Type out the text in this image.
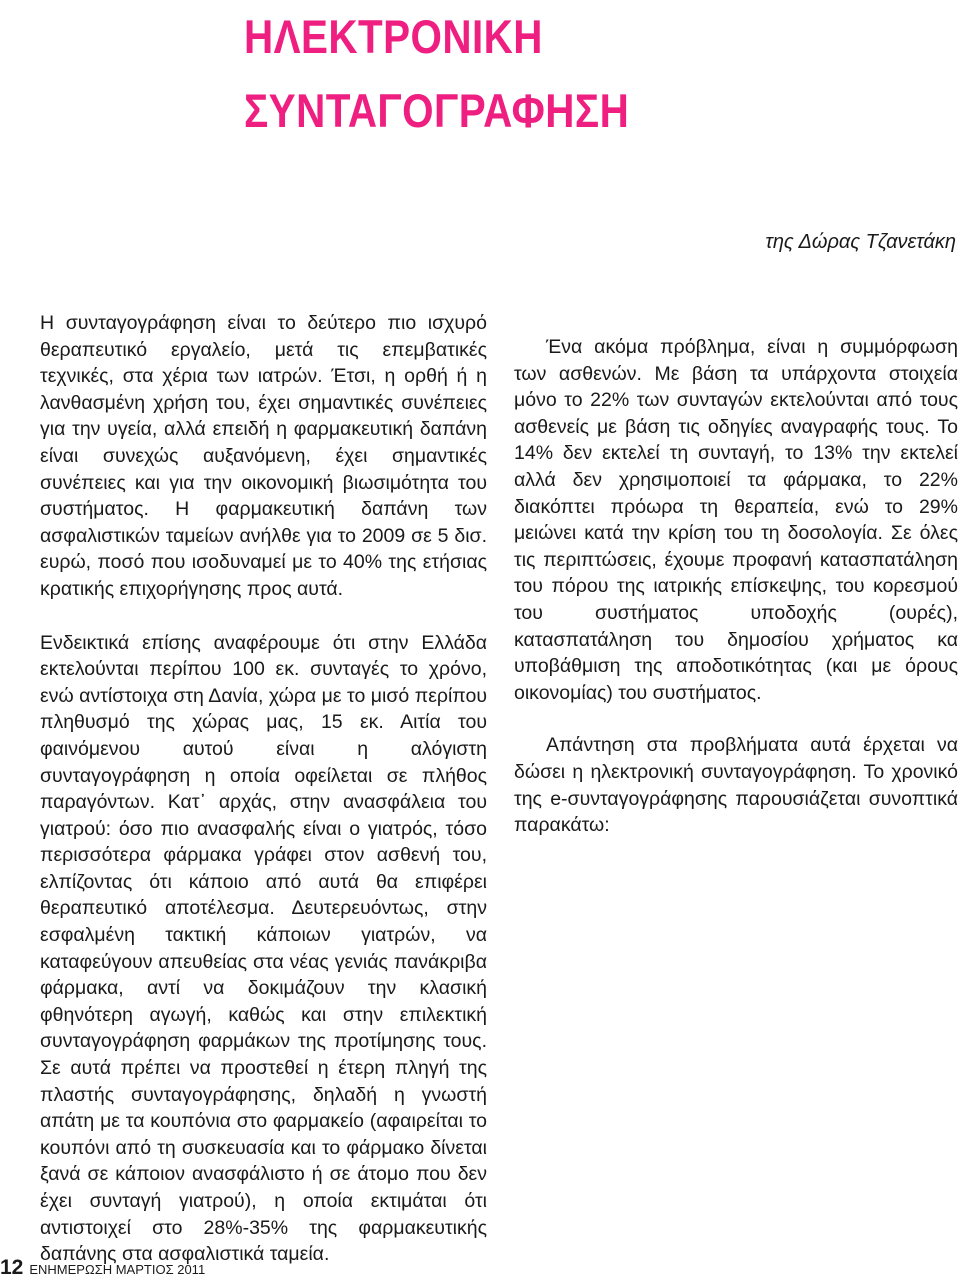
ΗΛΕΚΤΡΟΝΙΚΗ
ΣΥΝΤΑΓΟΓΡΑΦΗΣΗ
της Δώρας Τζανετάκη

Η συνταγογράφηση είναι το δεύτερο πιο ισχυρό θεραπευτικό εργαλείο, μετά τις επεμβατικές τεχνικές, στα χέρια των ιατρών. Έτσι, η ορθή ή η λανθασμένη χρήση του, έχει σημαντικές συνέπειες για την υγεία, αλλά επειδή η φαρμακευτική δαπάνη είναι συνεχώς αυξανόμενη, έχει σημαντικές συνέπειες και για την οικονομική βιωσιμότητα του συστήματος. Η φαρμακευτική δαπάνη των ασφαλιστικών ταμείων ανήλθε για το 2009 σε 5 δισ. ευρώ, ποσό που ισοδυναμεί με το 40% της ετήσιας κρατικής επιχορήγησης προς αυτά.

Ενδεικτικά επίσης αναφέρουμε ότι στην Ελλάδα εκτελούνται περίπου 100 εκ. συνταγές το χρόνο, ενώ αντίστοιχα στη Δανία, χώρα με το μισό περίπου πληθυσμό της χώρας μας, 15 εκ. Αιτία του φαινόμενου αυτού είναι η αλόγιστη συνταγογράφηση η οποία οφείλεται σε πλήθος παραγόντων. Κατ᾽ αρχάς, στην ανασφάλεια του γιατρού: όσο πιο ανασφαλής είναι ο γιατρός, τόσο περισσότερα φάρμακα γράφει στον ασθενή του, ελπίζοντας ότι κάποιο από αυτά θα επιφέρει θεραπευτικό αποτέλεσμα. Δευτερευόντως, στην εσφαλμένη τακτική κάποιων γιατρών, να καταφεύγουν απευθείας στα νέας γενιάς πανάκριβα φάρμακα, αντί να δοκιμάζουν την κλασική φθηνότερη αγωγή, καθώς και στην επιλεκτική συνταγογράφηση φαρμάκων της προτίμησης τους. Σε αυτά πρέπει να προστεθεί η έτερη πληγή της πλαστής συνταγογράφησης, δηλαδή η γνωστή απάτη με τα κουπόνια στο φαρμακείο (αφαιρείται το κουπόνι από τη συσκευασία και το φάρμακο δίνεται ξανά σε κάποιον ανασφάλιστο ή σε άτομο που δεν έχει συνταγή γιατρού), η οποία εκτιμάται ότι αντιστοιχεί στο 28%-35% της φαρμακευτικής δαπάνης στα ασφαλιστικά ταμεία.

Ένα ακόμα πρόβλημα, είναι η συμμόρφωση των ασθενών. Με βάση τα υπάρχοντα στοιχεία μόνο το 22% των συνταγών εκτελούνται από τους ασθενείς με βάση τις οδηγίες αναγραφής τους. Το 14% δεν εκτελεί τη συνταγή, το 13% την εκτελεί αλλά δεν χρησιμοποιεί τα φάρμακα, το 22% διακόπτει πρόωρα τη θεραπεία, ενώ το 29% μειώνει κατά την κρίση του τη δοσολογία. Σε όλες τις περιπτώσεις, έχουμε προφανή κατασπατάληση του πόρου της ιατρικής επίσκεψης, του κορεσμού του συστήματος υποδοχής (ουρές), κατασπατάληση του δημοσίου χρήματος κα υποβάθμιση της αποδοτικότητας (και με όρους οικονομίας) του συστήματος.

Απάντηση στα προβλήματα αυτά έρχεται να δώσει η ηλεκτρονική συνταγογράφηση. Το χρονικό της e-συνταγογράφησης παρουσιάζεται συνοπτικά παρακάτω:

12 ΕΝΗΜΕΡΩΣΗ ΜΑΡΤΙΟΣ 2011
